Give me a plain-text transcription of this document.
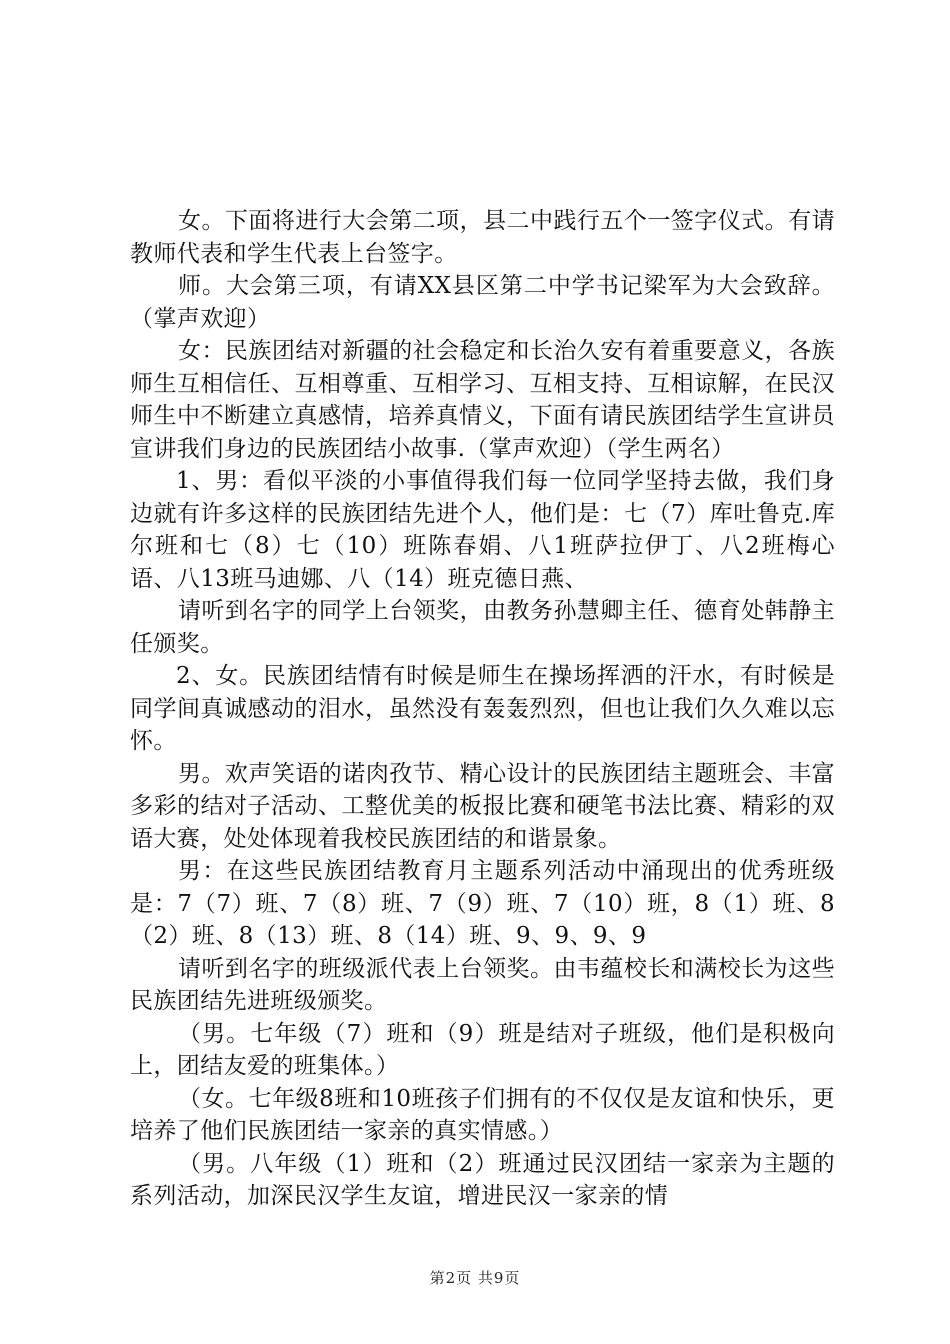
女。下面将进行大会第二项，县二中践行五个一签字仪式。有请教师代表和学生代表上台签字。

师。大会第三项，有请XX县区第二中学书记梁军为大会致辞。（掌声欢迎）

女：民族团结对新疆的社会稳定和长治久安有着重要意义，各族师生互相信任、互相尊重、互相学习、互相支持、互相谅解，在民汉师生中不断建立真感情，培养真情义，下面有请民族团结学生宣讲员宣讲我们身边的民族团结小故事.（掌声欢迎）（学生两名）

1、男：看似平淡的小事值得我们每一位同学坚持去做，我们身边就有许多这样的民族团结先进个人，他们是：七（7）库吐鲁克.库尔班和七（8）七（10）班陈春娟、八1班萨拉伊丁、八2班梅心语、八13班马迪娜、八（14）班克德日燕、

请听到名字的同学上台领奖，由教务孙慧卿主任、德育处韩静主任颁奖。

2、女。民族团结情有时候是师生在操场挥洒的汗水，有时候是同学间真诚感动的泪水，虽然没有轰轰烈烈，但也让我们久久难以忘怀。

男。欢声笑语的诺肉孜节、精心设计的民族团结主题班会、丰富多彩的结对子活动、工整优美的板报比赛和硬笔书法比赛、精彩的双语大赛，处处体现着我校民族团结的和谐景象。

男：在这些民族团结教育月主题系列活动中涌现出的优秀班级是：7（7）班、7（8）班、7（9）班、7（10）班，8（1）班、8（2）班、8（13）班、8（14）班、9、9、9、9

请听到名字的班级派代表上台领奖。由韦蕴校长和满校长为这些民族团结先进班级颁奖。

（男。七年级（7）班和（9）班是结对子班级，他们是积极向上，团结友爱的班集体。）

（女。七年级8班和10班孩子们拥有的不仅仅是友谊和快乐，更培养了他们民族团结一家亲的真实情感。）

（男。八年级（1）班和（2）班通过民汉团结一家亲为主题的系列活动，加深民汉学生友谊，增进民汉一家亲的情

第2页 共9页
